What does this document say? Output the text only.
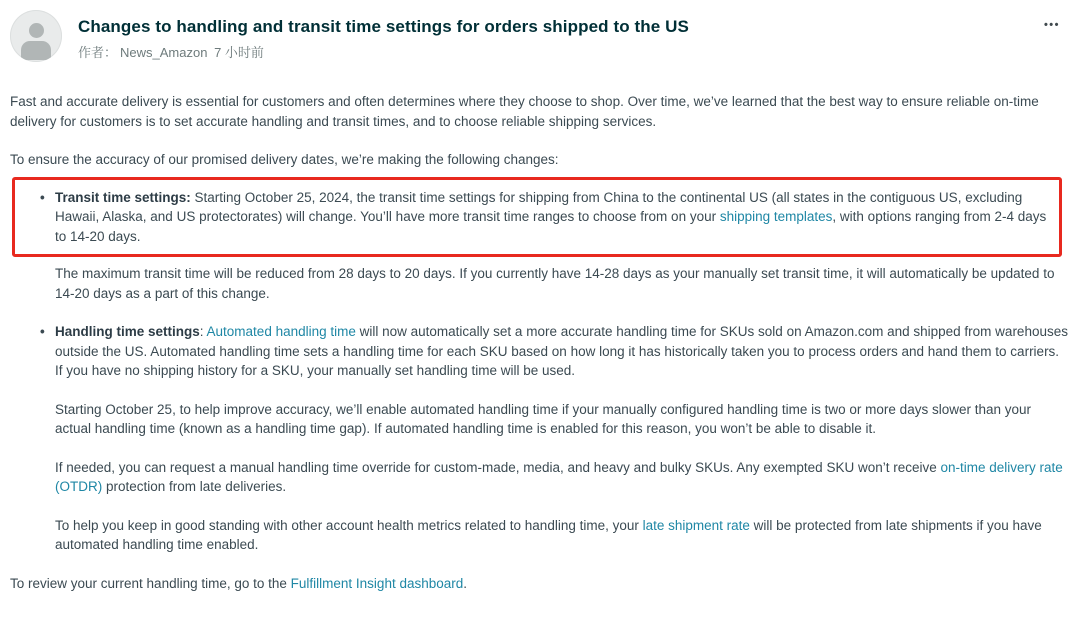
Changes to handling and transit time settings for orders shipped to the US
作者： News_Amazon 7 小时前
•••

Fast and accurate delivery is essential for customers and often determines where they choose to shop. Over time, we’ve learned that the best way to ensure reliable on-time delivery for customers is to set accurate handling and transit times, and to choose reliable shipping services.

To ensure the accuracy of our promised delivery dates, we’re making the following changes:

• Transit time settings: Starting October 25, 2024, the transit time settings for shipping from China to the continental US (all states in the contiguous US, excluding Hawaii, Alaska, and US protectorates) will change. You’ll have more transit time ranges to choose from on your shipping templates, with options ranging from 2-4 days to 14-20 days.

The maximum transit time will be reduced from 28 days to 20 days. If you currently have 14-28 days as your manually set transit time, it will automatically be updated to 14-20 days as a part of this change.

• Handling time settings: Automated handling time will now automatically set a more accurate handling time for SKUs sold on Amazon.com and shipped from warehouses outside the US. Automated handling time sets a handling time for each SKU based on how long it has historically taken you to process orders and hand them to carriers. If you have no shipping history for a SKU, your manually set handling time will be used.

Starting October 25, to help improve accuracy, we’ll enable automated handling time if your manually configured handling time is two or more days slower than your actual handling time (known as a handling time gap). If automated handling time is enabled for this reason, you won’t be able to disable it.

If needed, you can request a manual handling time override for custom-made, media, and heavy and bulky SKUs. Any exempted SKU won’t receive on-time delivery rate (OTDR) protection from late deliveries.

To help you keep in good standing with other account health metrics related to handling time, your late shipment rate will be protected from late shipments if you have automated handling time enabled.

To review your current handling time, go to the Fulfillment Insight dashboard.
